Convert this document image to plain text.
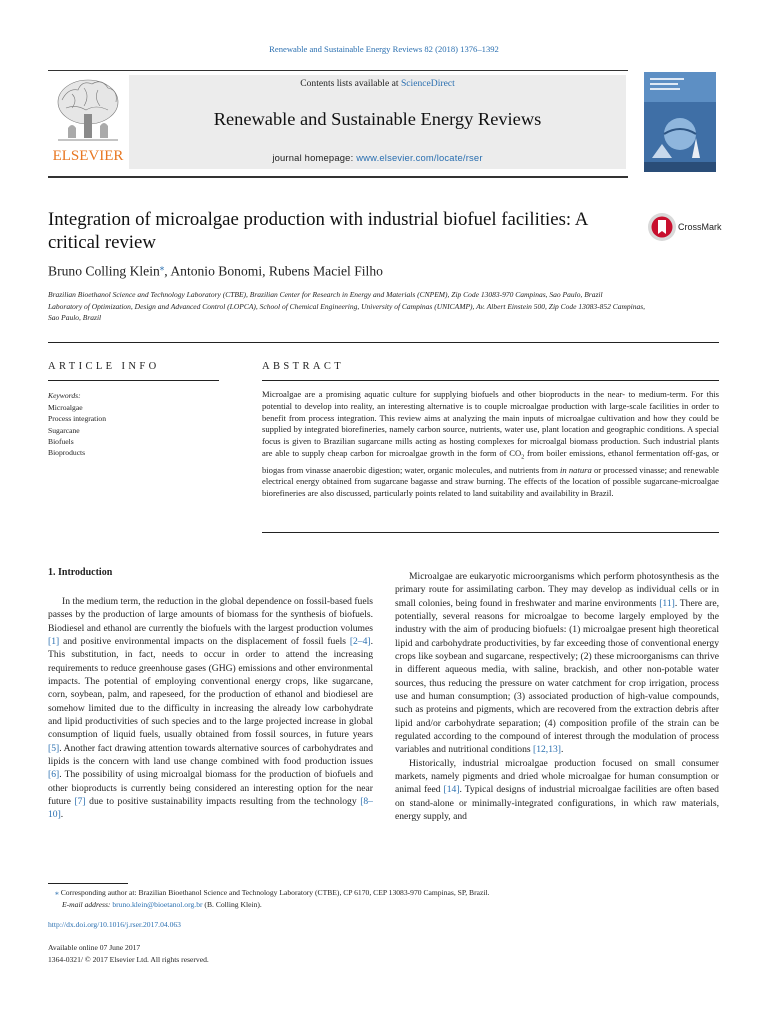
Renewable and Sustainable Energy Reviews 82 (2018) 1376–1392
ELSEVIER
Contents lists available at ScienceDirect
Renewable and Sustainable Energy Reviews
journal homepage: www.elsevier.com/locate/rser
Integration of microalgae production with industrial biofuel facilities: A critical review
CrossMark
Bruno Colling Klein⁎, Antonio Bonomi, Rubens Maciel Filho
Brazilian Bioethanol Science and Technology Laboratory (CTBE), Brazilian Center for Research in Energy and Materials (CNPEM), Zip Code 13083-970 Campinas, Sao Paulo, Brazil
Laboratory of Optimization, Design and Advanced Control (LOPCA), School of Chemical Engineering, University of Campinas (UNICAMP), Av. Albert Einstein 500, Zip Code 13083-852 Campinas, Sao Paulo, Brazil
ARTICLE INFO
Keywords:
Microalgae
Process integration
Sugarcane
Biofuels
Bioproducts
ABSTRACT
Microalgae are a promising aquatic culture for supplying biofuels and other bioproducts in the near- to medium-term. For this potential to develop into reality, an interesting alternative is to couple microalgae production with large-scale facilities in order to benefit from process integration. This review aims at analyzing the main inputs of microalgae cultivation and how they could be supplied by integrated biorefineries, namely carbon source, nutrients, water use, plant location and geographic conditions. A special focus is given to Brazilian sugarcane mills acting as hosting complexes for microalgal biomass production. Such industrial plants are able to supply cheap carbon for microalgae growth in the form of $CO_2$ from boiler emissions, ethanol fermentation off-gas, or biogas from vinasse anaerobic digestion; water, organic molecules, and nutrients from in natura or processed vinasse; and renewable electrical energy obtained from sugarcane bagasse and straw burning. The effects of the location of possible sugarcane-microalgae biorefineries are also discussed, particularly points related to land suitability and availability in Brazil.
1. Introduction

In the medium term, the reduction in the global dependence on fossil-based fuels passes by the production of large amounts of biomass for the synthesis of biofuels. Biodiesel and ethanol are currently the biofuels with the largest production volumes [1] and positive environmental impacts on the displacement of fossil fuels [2–4]. This substitution, in fact, needs to occur in order to attend the increasing requirements to reduce greenhouse gases (GHG) emissions and other environmental impacts. The potential of employing conventional energy crops, like sugarcane, corn, soybean, palm, and rapeseed, for the production of ethanol and biodiesel are somehow limited due to the difficulty in increasing the already low carbohydrate and lipid productivities of such species and to the large projected increase in global consumption of liquid fuels, usually obtained from fossil sources, in future years [5]. Another fact drawing attention towards alternative sources of carbohydrates and lipids is the concern with land use change combined with food production issues [6]. The possibility of using microalgal biomass for the production of biofuels and other bioproducts is currently being considered an interesting option for the near future [7] due to positive sustainability impacts resulting from the technology [8–10].

Microalgae are eukaryotic microorganisms which perform photosynthesis as the primary route for assimilating carbon. They may develop as individual cells or in small colonies, being found in freshwater and marine environments [11]. There are, potentially, several reasons for microalgae to become largely employed by the industry with the aim of producing biofuels: (1) microalgae present high theoretical lipid and carbohydrate productivities, by far exceeding those of conventional energy crops like soybean and sugarcane, respectively; (2) these microorganisms can thrive in different aqueous media, with saline, brackish, and other non-potable water sources, thus reducing the pressure on water catchment for crop irrigation, process use and human consumption; (3) associated production of high-value compounds, such as proteins and pigments, which are recovered from the extraction debris after lipid and/or carbohydrate separation; (4) composition profile of the strain can be regulated according to the compound of interest through the modulation of process variables and nutritional conditions [12,13].

Historically, industrial microalgae production focused on small consumer markets, namely pigments and dried whole microalgae for human consumption or animal feed [14]. Typical designs of industrial microalgae facilities are often based on stand-alone or minimally-integrated configurations, in which raw materials, energy supply, and

⁎ Corresponding author at: Brazilian Bioethanol Science and Technology Laboratory (CTBE), CP 6170, CEP 13083-970 Campinas, SP, Brazil.
E-mail address: bruno.klein@bioetanol.org.br (B. Colling Klein).
http://dx.doi.org/10.1016/j.rser.2017.04.063
Available online 07 June 2017
1364-0321/ © 2017 Elsevier Ltd. All rights reserved.
